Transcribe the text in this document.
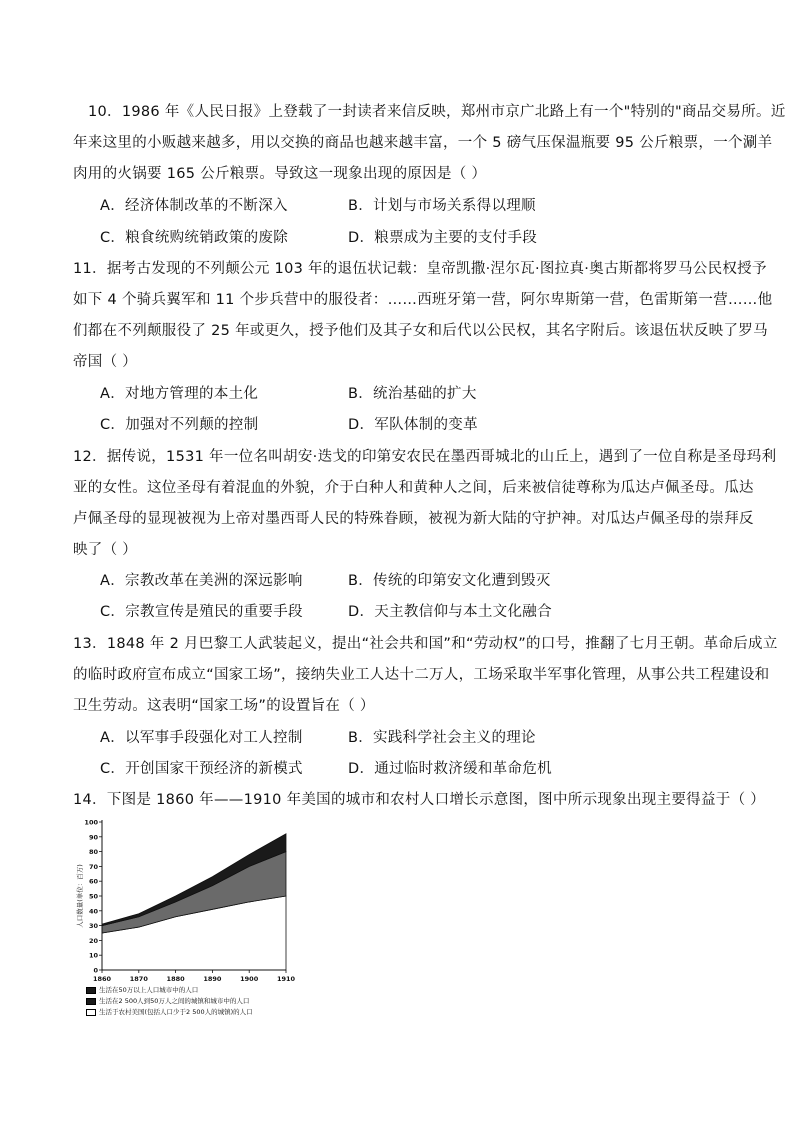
10．1986 年《人民日报》上登载了一封读者来信反映，郑州市京广北路上有一个"特别的"商品交易所。近
年来这里的小贩越来越多，用以交换的商品也越来越丰富，一个 5 磅气压保温瓶要 95 公斤粮票，一个涮羊
肉用的火锅要 165 公斤粮票。导致这一现象出现的原因是（ ）
A．经济体制改革的不断深入	B．计划与市场关系得以理顺
C．粮食统购统销政策的废除	D．粮票成为主要的支付手段
11．据考古发现的不列颠公元 103 年的退伍状记载：皇帝凯撒·涅尔瓦·图拉真·奥古斯都将罗马公民权授予
如下 4 个骑兵翼军和 11 个步兵营中的服役者：……西班牙第一营，阿尔卑斯第一营，色雷斯第一营……他
们都在不列颠服役了 25 年或更久，授予他们及其子女和后代以公民权，其名字附后。该退伍状反映了罗马
帝国（ ）
A．对地方管理的本土化	B．统治基础的扩大
C．加强对不列颠的控制	D．军队体制的变革
12．据传说，1531 年一位名叫胡安·迭戈的印第安农民在墨西哥城北的山丘上，遇到了一位自称是圣母玛利
亚的女性。这位圣母有着混血的外貌，介于白种人和黄种人之间，后来被信徒尊称为瓜达卢佩圣母。瓜达
卢佩圣母的显现被视为上帝对墨西哥人民的特殊眷顾，被视为新大陆的守护神。对瓜达卢佩圣母的崇拜反
映了（ ）
A．宗教改革在美洲的深远影响	B．传统的印第安文化遭到毁灭
C．宗教宣传是殖民的重要手段	D．天主教信仰与本土文化融合
13．1848 年 2 月巴黎工人武装起义，提出“社会共和国”和“劳动权”的口号，推翻了七月王朝。革命后成立
的临时政府宣布成立“国家工场”，接纳失业工人达十二万人，工场采取半军事化管理，从事公共工程建设和
卫生劳动。这表明“国家工场”的设置旨在（ ）
A．以军事手段强化对工人控制	B．实践科学社会主义的理论
C．开创国家干预经济的新模式	D．通过临时救济缓和革命危机
14．下图是 1860 年——1910 年美国的城市和农村人口增长示意图，图中所示现象出现主要得益于（ ）
0
10
20
30
40
50
60
70
80
90
100
1860	1870	1880	1890	1900	1910
人口数量(单位：百万)
生活在50万以上人口城市中的人口
生活在2 500人到50万人之间的城镇和城市中的人口
生活于农村美国(包括人口少于2 500人的城镇)的人口
